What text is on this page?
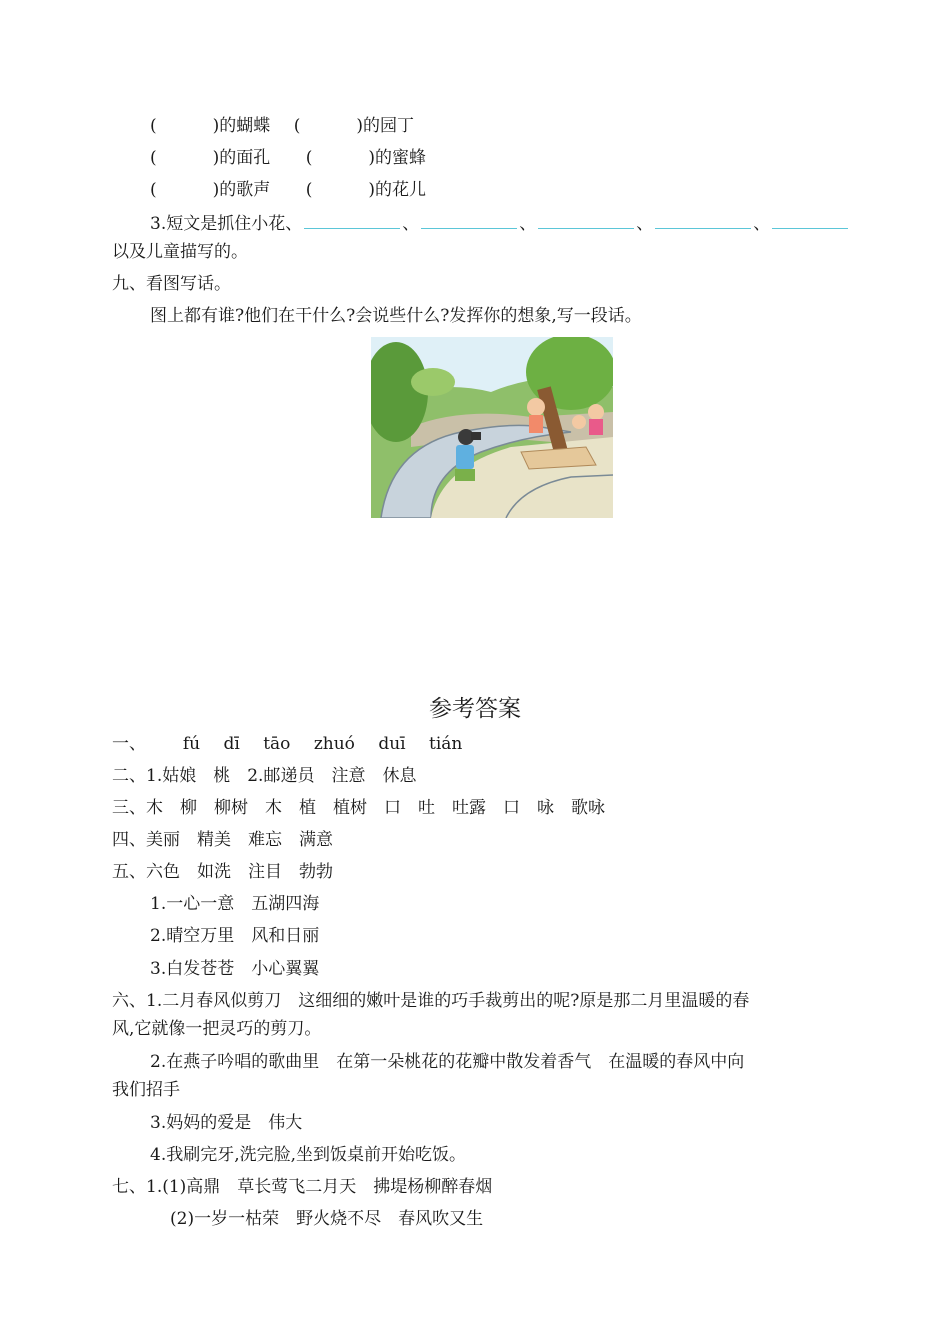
(	)的蝴蝶 (	)的园丁
(	)的面孔 (	)的蜜蜂
(	)的歌声 (	)的花儿
3.短文是抓住小花、	、	、	、	、
以及儿童描写的。
九、看图写话。
图上都有谁?他们在干什么?会说些什么?发挥你的想象,写一段话。
参考答案
一、 fú dī tāo zhuó duī tián
二、1.姑娘　桃　2.邮递员　注意　休息
三、木　柳　柳树　木　植　植树　口　吐　吐露　口　咏　歌咏
四、美丽　精美　难忘　满意
五、六色　如洗　注目　勃勃
1.一心一意　五湖四海
2.晴空万里　风和日丽
3.白发苍苍　小心翼翼
六、1.二月春风似剪刀　这细细的嫩叶是谁的巧手裁剪出的呢?原是那二月里温暖的春
风,它就像一把灵巧的剪刀。
2.在燕子吟唱的歌曲里　在第一朵桃花的花瓣中散发着香气　在温暖的春风中向
我们招手
3.妈妈的爱是　伟大
4.我刷完牙,洗完脸,坐到饭桌前开始吃饭。
七、1.(1)高鼎　草长莺飞二月天　拂堤杨柳醉春烟
(2)一岁一枯荣　野火烧不尽　春风吹又生
